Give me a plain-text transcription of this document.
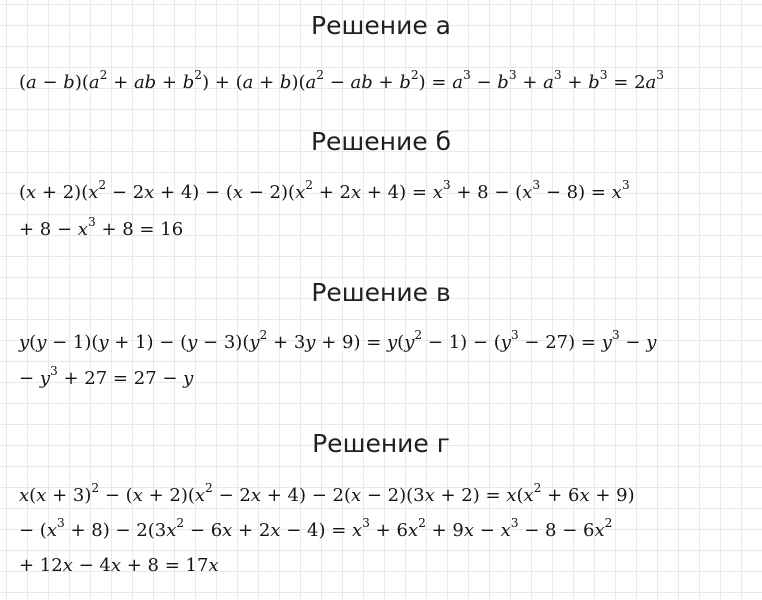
Решение а
$(a - b)(a^2$ + ab + $b^2) + (a + b)(a^2$ − ab + $b^2) = a^3 - b^3 + a^3 + b^3 = 2a^3$
Решение б
$(x + 2)(x^2 - 2x + 4) - (x - 2)(x^2 + 2x + 4) = x^3 + 8 - (x^3 - 8) = x^3$
+ $8 - x^3 + 8 = 16$
Решение в
$y(y - 1)(y + 1) - (y - 3)(y^2 + 3y + 9) = y(y^2 - 1) - (y^3 - 27) = y^3 - y$
− $y^3 + 27 = 27 - y$
Решение г
$x(x + 3)^2 - (x + 2)(x^2 - 2x + 4) - 2(x - 2)(3x + 2) = x(x^2 + 6x + 9)$
− $(x^3 + 8) - 2(3x^2 - 6x + 2x - 4) = x^3 + 6x^2 + 9x - x^3 - 8 - 6x^2$
+ 12x − 4x + 8 = 17x
